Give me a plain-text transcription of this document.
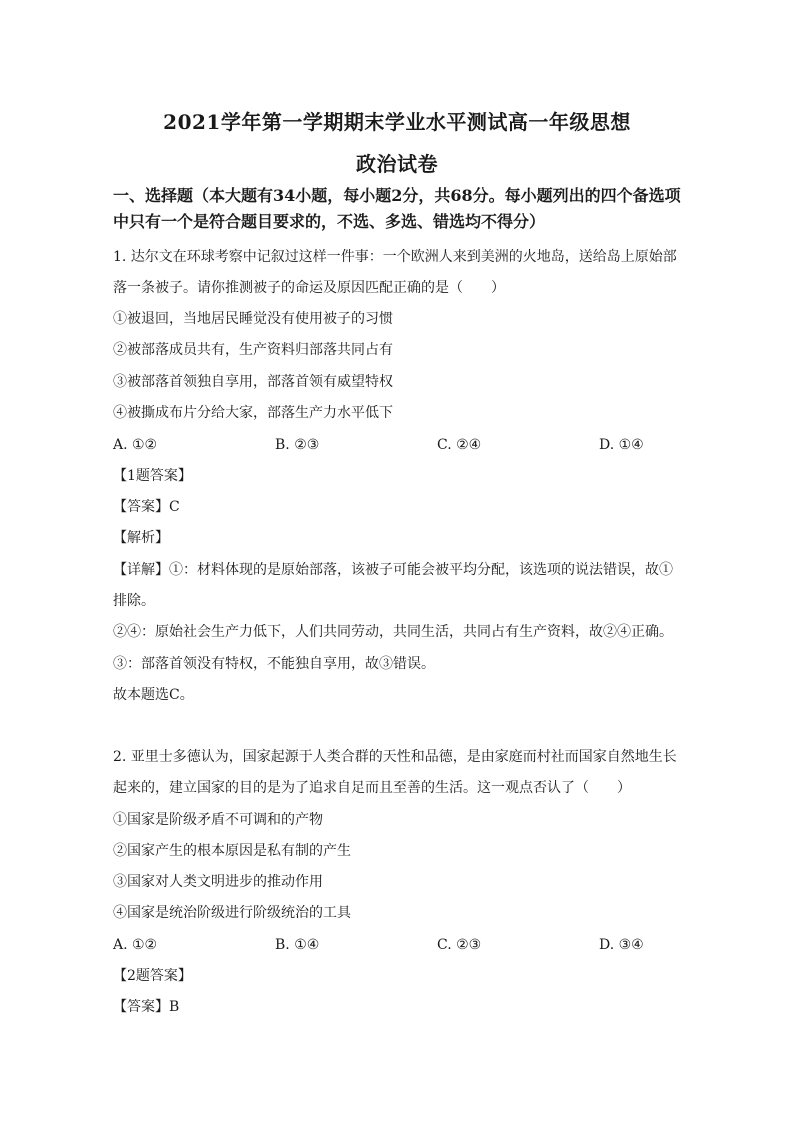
2021学年第一学期期末学业水平测试高一年级思想
政治试卷
一、选择题（本大题有34小题，每小题2分，共68分。每小题列出的四个备选项中只有一个是符合题目要求的，不选、多选、错选均不得分）
1. 达尔文在环球考察中记叙过这样一件事：一个欧洲人来到美洲的火地岛，送给岛上原始部
落一条被子。请你推测被子的命运及原因匹配正确的是（　　）
①被退回，当地居民睡觉没有使用被子的习惯
②被部落成员共有，生产资料归部落共同占有
③被部落首领独自享用，部落首领有威望特权
④被撕成布片分给大家，部落生产力水平低下
A. ①②	B. ②③	C. ②④	D. ①④
【1题答案】
【答案】C
【解析】
【详解】①：材料体现的是原始部落，该被子可能会被平均分配，该选项的说法错误，故①
排除。
②④：原始社会生产力低下，人们共同劳动，共同生活，共同占有生产资料，故②④正确。
③：部落首领没有特权，不能独自享用，故③错误。
故本题选C。
2. 亚里士多德认为，国家起源于人类合群的天性和品德，是由家庭而村社而国家自然地生长
起来的，建立国家的目的是为了追求自足而且至善的生活。这一观点否认了（　　）
①国家是阶级矛盾不可调和的产物
②国家产生的根本原因是私有制的产生
③国家对人类文明进步的推动作用
④国家是统治阶级进行阶级统治的工具
A. ①②	B. ①④	C. ②③	D. ③④
【2题答案】
【答案】B
